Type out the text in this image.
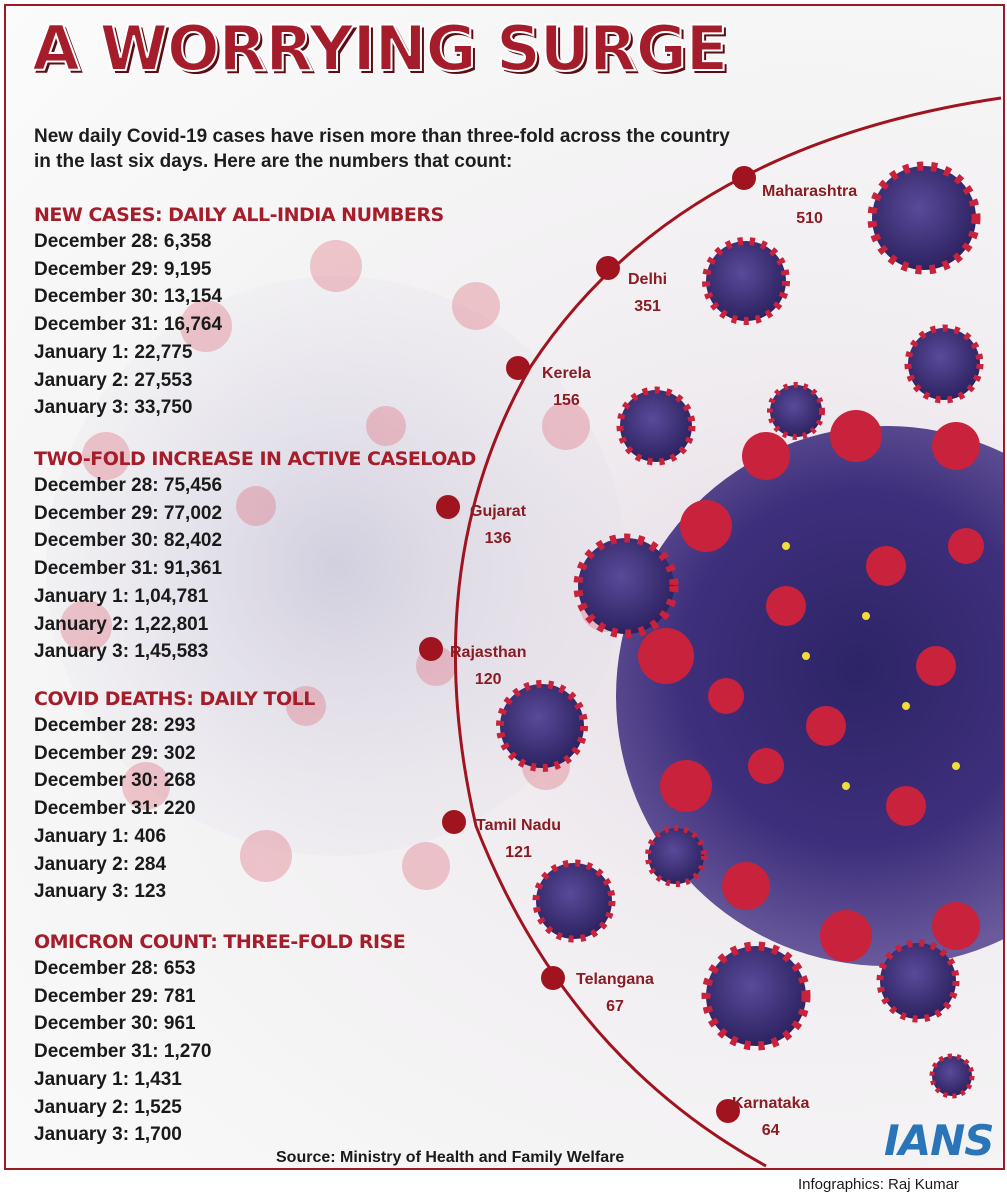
A WORRYING SURGE
New daily Covid-19 cases have risen more than three-fold across the country in the last six days. Here are the numbers that count:
NEW CASES: DAILY ALL-INDIA NUMBERS
December 28: 6,358
December 29: 9,195
December 30: 13,154
December 31: 16,764
January 1: 22,775
January 2: 27,553
January 3: 33,750
TWO-FOLD INCREASE IN ACTIVE CASELOAD
December 28: 75,456
December 29: 77,002
December 30: 82,402
December 31: 91,361
January 1: 1,04,781
January 2: 1,22,801
January 3: 1,45,583
COVID DEATHS: DAILY TOLL
December 28: 293
December 29: 302
December 30: 268
December 31: 220
January 1: 406
January 2: 284
January 3: 123
OMICRON COUNT: THREE-FOLD RISE
December 28: 653
December 29: 781
December 30: 961
December 31: 1,270
January 1: 1,431
January 2: 1,525
January 3: 1,700
Maharashtra
510
Delhi
351
Kerela
156
Gujarat
136
Rajasthan
120
Tamil Nadu
121
Telangana
67
Karnataka
64
Source: Ministry of Health and Family Welfare	IANS
Infographics: Raj Kumar
